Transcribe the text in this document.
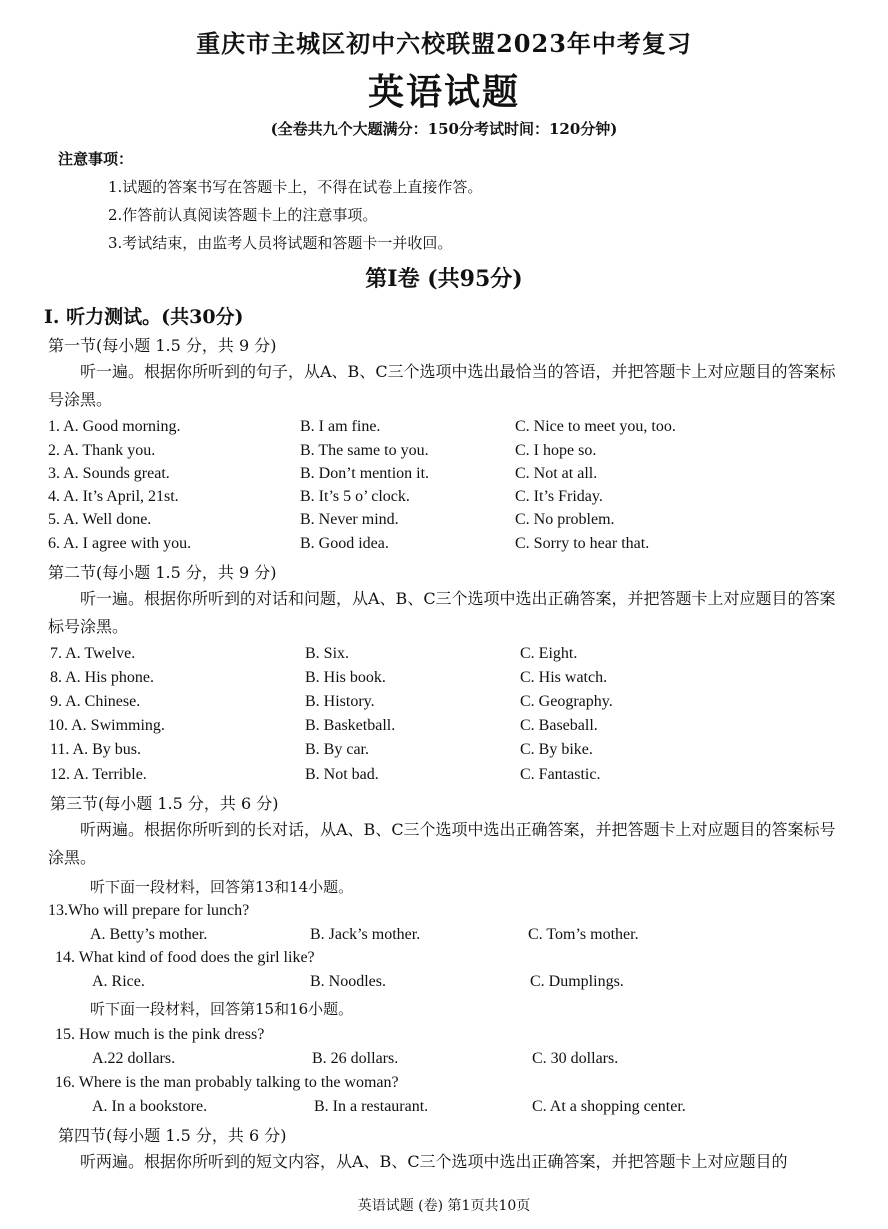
重庆市主城区初中六校联盟2023年中考复习
英语试题
(全卷共九个大题满分：150分考试时间：120分钟)
注意事项：
1.试题的答案书写在答题卡上，不得在试卷上直接作答。
2.作答前认真阅读答题卡上的注意事项。
3.考试结束，由监考人员将试题和答题卡一并收回。
第I卷 (共95分)
I. 听力测试。(共30分)
第一节(每小题 1.5 分，共 9 分)
听一遍。根据你所听到的句子，从A、B、C三个选项中选出最恰当的答语，并把答题卡上对应题目的答案标号涂黑。
1. A. Good morning.	B. I am fine.	C. Nice to meet you, too.
2. A. Thank you.	B. The same to you.	C. I hope so.
3. A. Sounds great.	B. Don’t mention it.	C. Not at all.
4. A. It’s April, 21st.	B. It’s 5 o’ clock.	C. It’s Friday.
5. A. Well done.	B. Never mind.	C. No problem.
6. A. I agree with you.	B. Good idea.	C. Sorry to hear that.
第二节(每小题 1.5 分，共 9 分)
听一遍。根据你所听到的对话和问题，从A、B、C三个选项中选出正确答案，并把答题卡上对应题目的答案标号涂黑。
7. A. Twelve.	B. Six.	C. Eight.
8. A. His phone.	B. His book.	C. His watch.
9. A. Chinese.	B. History.	C. Geography.
10. A. Swimming.	B. Basketball.	C. Baseball.
11. A. By bus.	B. By car.	C. By bike.
12. A. Terrible.	B. Not bad.	C. Fantastic.
第三节(每小题 1.5 分，共 6 分)
听两遍。根据你所听到的长对话，从A、B、C三个选项中选出正确答案，并把答题卡上对应题目的答案标号涂黑。
听下面一段材料，回答第13和14小题。
13.Who will prepare for lunch?
A. Betty’s mother.	B. Jack’s mother.	C. Tom’s mother.
14. What kind of food does the girl like?
A. Rice.	B. Noodles.	C. Dumplings.
听下面一段材料，回答第15和16小题。
15. How much is the pink dress?
A.22 dollars.	B. 26 dollars.	C. 30 dollars.
16. Where is the man probably talking to the woman?
A. In a bookstore.	B. In a restaurant.	C. At a shopping center.
第四节(每小题 1.5 分，共 6 分)
听两遍。根据你所听到的短文内容，从A、B、C三个选项中选出正确答案，并把答题卡上对应题目的
英语试题 (卷) 第1页共10页
